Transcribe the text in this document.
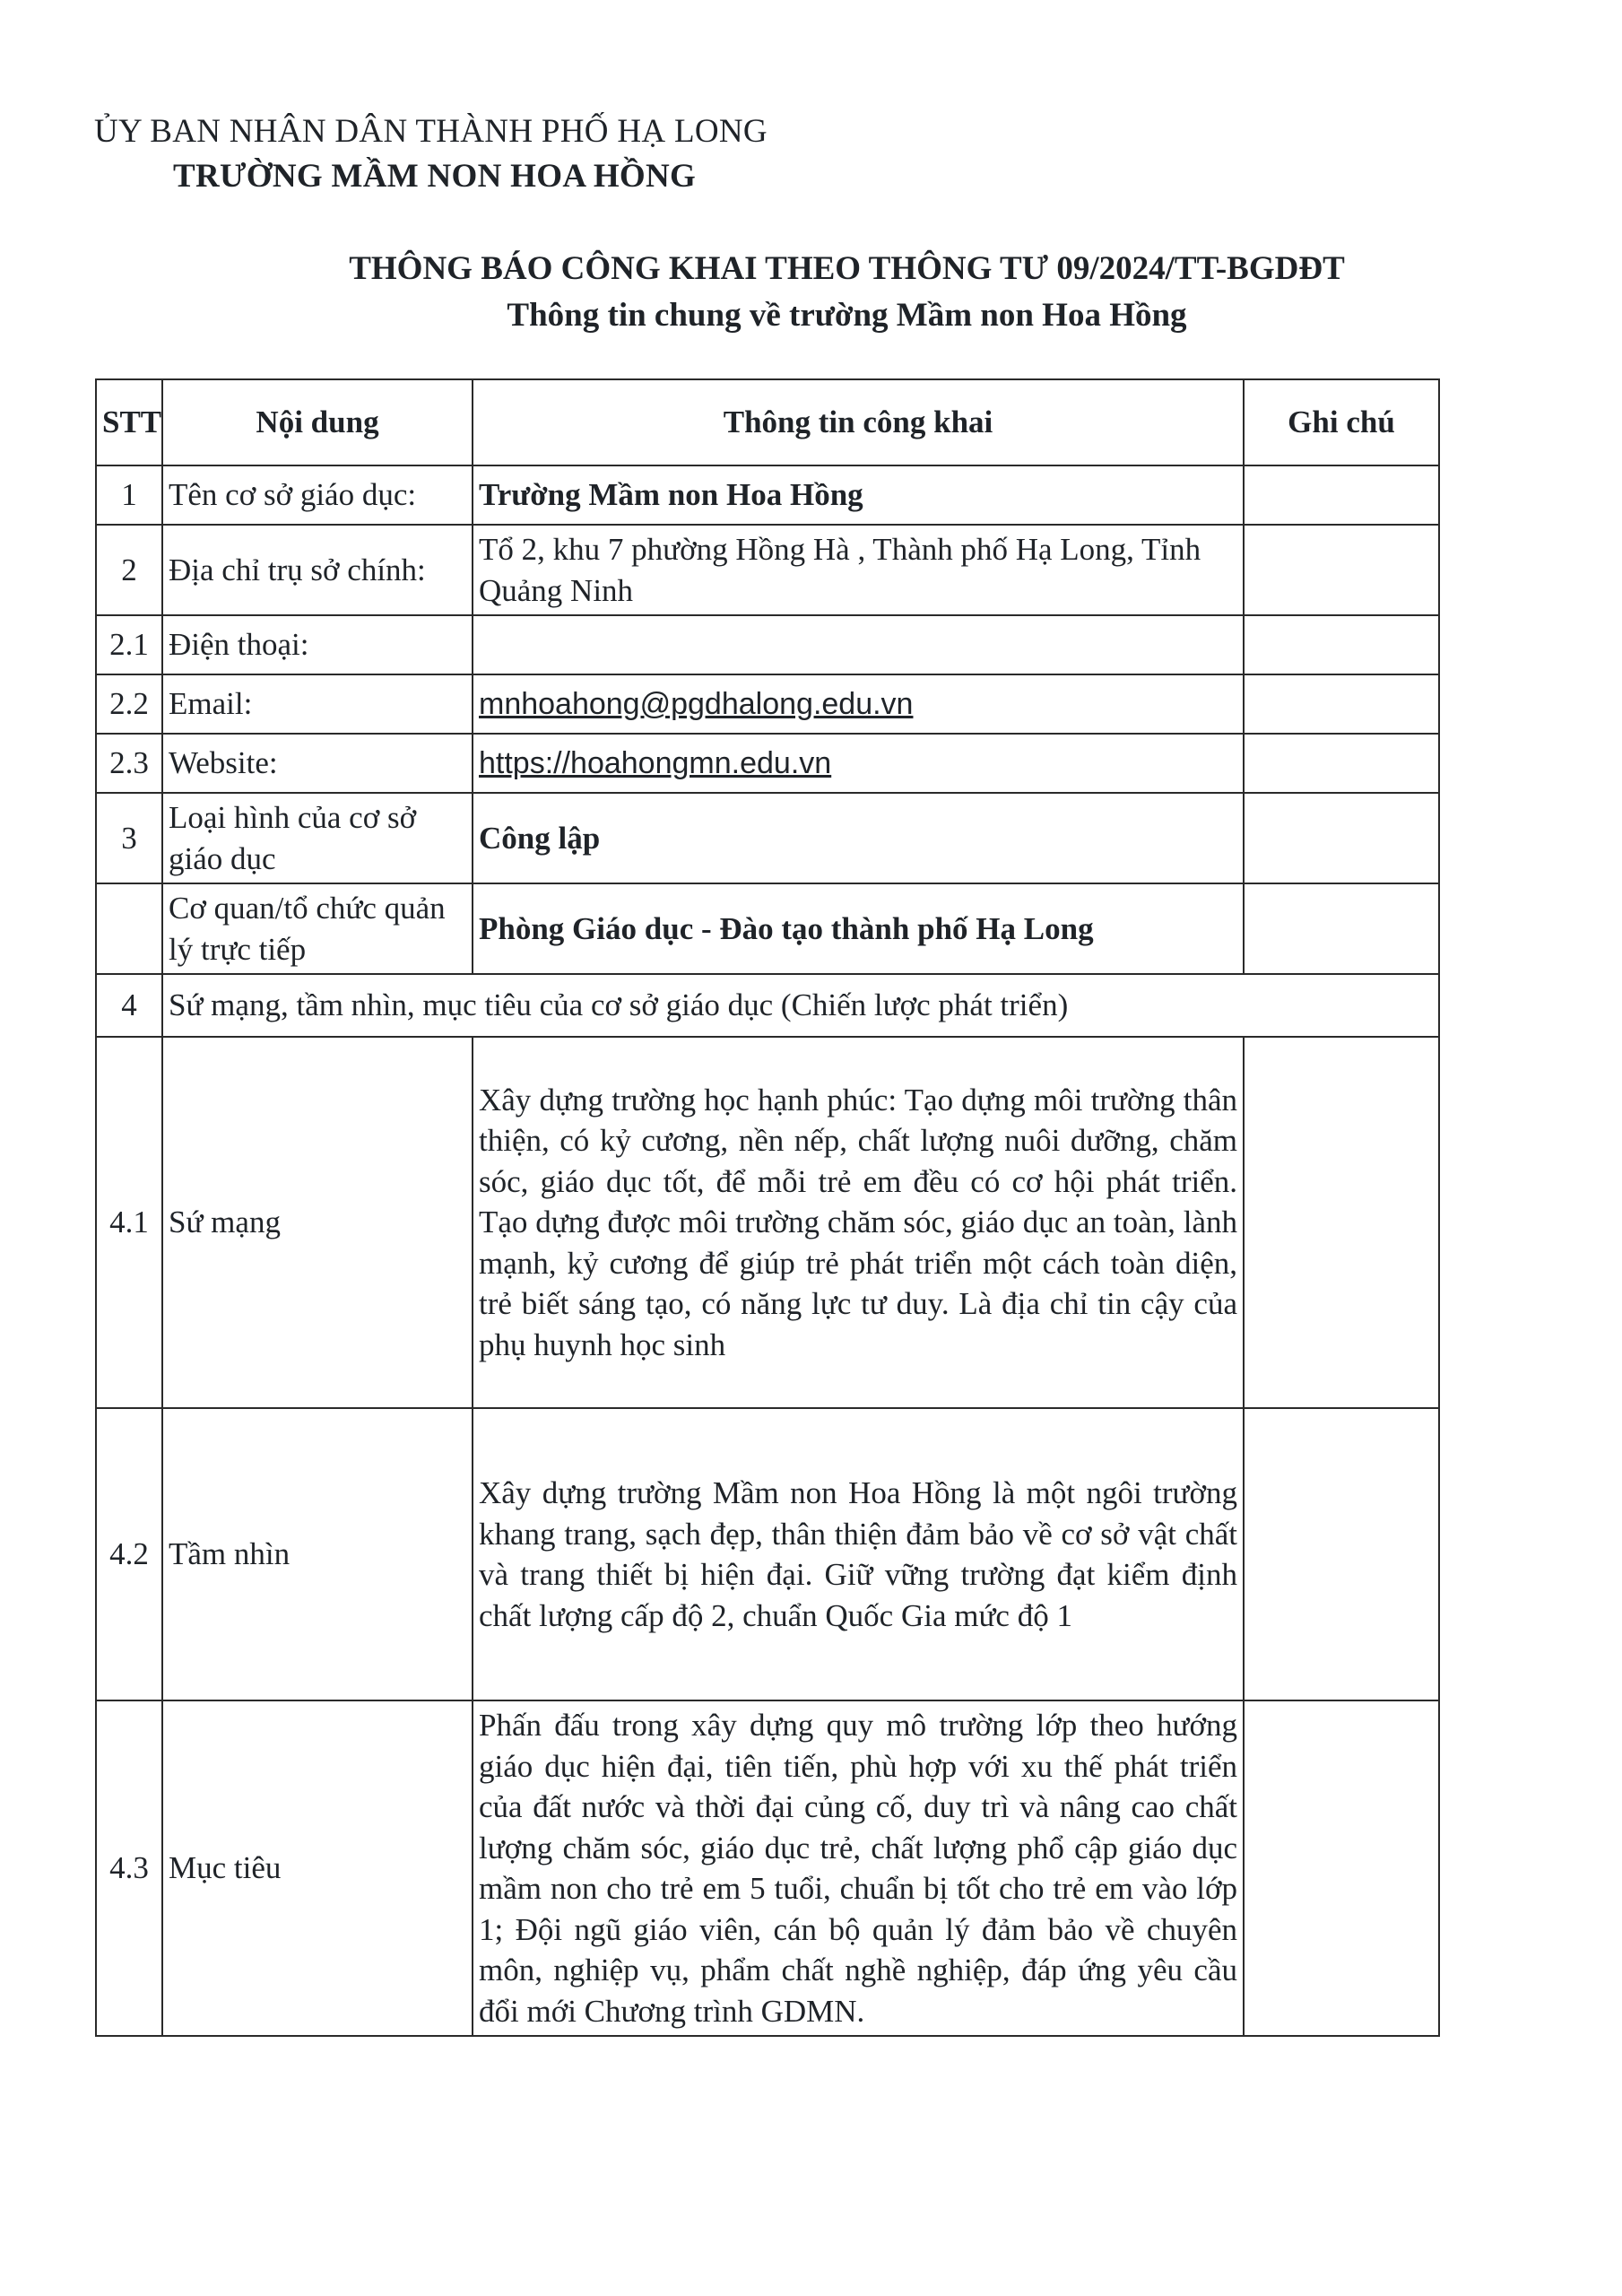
ỦY BAN NHÂN DÂN THÀNH PHỐ HẠ LONG
TRƯỜNG MẦM NON HOA HỒNG
THÔNG BÁO CÔNG KHAI THEO THÔNG TƯ 09/2024/TT-BGDĐT
Thông tin chung về trường Mầm non Hoa Hồng
STT	Nội dung	Thông tin công khai	Ghi chú
1	Tên cơ sở giáo dục:	Trường Mầm non Hoa Hồng	
2	Địa chỉ trụ sở chính:	Tổ 2, khu 7 phường Hồng Hà , Thành phố Hạ Long, Tỉnh Quảng Ninh	
2.1	Điện thoại:		
2.2	Email:	mnhoahong@pgdhalong.edu.vn	
2.3	Website:	https://hoahongmn.edu.vn	
3	Loại hình của cơ sở giáo dục	Công lập	
	Cơ quan/tổ chức quản lý trực tiếp	Phòng Giáo dục - Đào tạo thành phố Hạ Long	
4	Sứ mạng, tầm nhìn, mục tiêu của cơ sở giáo dục (Chiến lược phát triển)		
4.1	Sứ mạng	Xây dựng trường học hạnh phúc: Tạo dựng môi trường thân thiện, có kỷ cương, nền nếp, chất lượng nuôi dưỡng, chăm sóc, giáo dục tốt, để mỗi trẻ em đều có cơ hội phát triển. Tạo dựng được môi trường chăm sóc, giáo dục an toàn, lành mạnh, kỷ cương để giúp trẻ phát triển một cách toàn diện, trẻ biết sáng tạo, có năng lực tư duy. Là địa chỉ tin cậy của phụ huynh học sinh	
4.2	Tầm nhìn	Xây dựng trường Mầm non Hoa Hồng là một ngôi trường khang trang, sạch đẹp, thân thiện đảm bảo về cơ sở vật chất và trang thiết bị hiện đại. Giữ vững trường đạt kiểm định chất lượng cấp độ 2, chuẩn Quốc Gia mức độ 1	
4.3	Mục tiêu	Phấn đấu trong xây dựng quy mô trường lớp theo hướng giáo dục hiện đại, tiên tiến, phù hợp với xu thế phát triển của đất nước và thời đại củng cố, duy trì và nâng cao chất lượng chăm sóc, giáo dục trẻ, chất lượng phổ cập giáo dục mầm non cho trẻ em 5 tuổi, chuẩn bị tốt cho trẻ em vào lớp 1; Đội ngũ giáo viên, cán bộ quản lý đảm bảo về chuyên môn, nghiệp vụ, phẩm chất nghề nghiệp, đáp ứng yêu cầu đổi mới Chương trình GDMN.	
